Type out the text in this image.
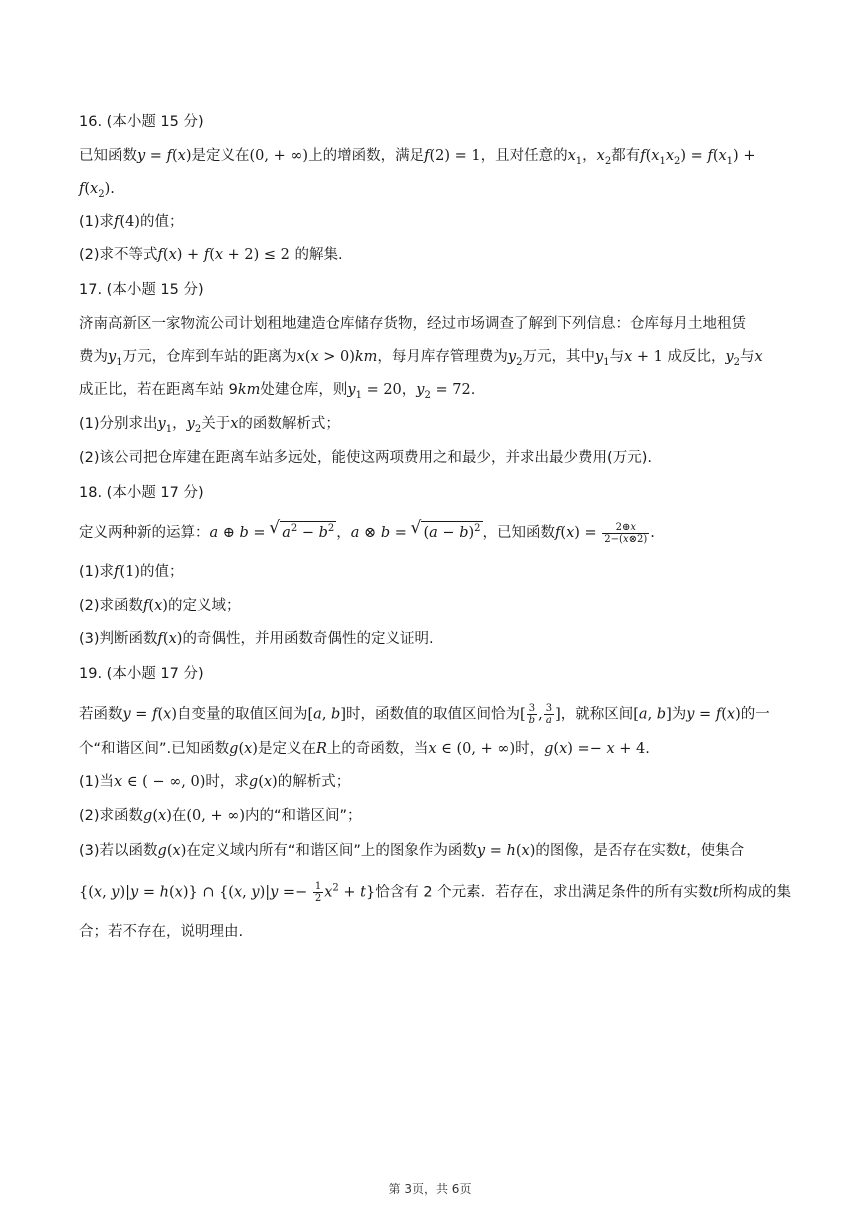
16. (本小题 15 分)
已知函数y = f(x)是定义在(0, + ∞)上的增函数，满足f(2) = 1，且对任意的$x_1$，$x_2$都有$f(x_1x_2) = f(x_1)$ +
$f(x_2)$.
(1)求f(4)的值；
(2)求不等式f(x) + f(x + 2) ≤ 2 的解集.
17. (本小题 15 分)
济南高新区一家物流公司计划租地建造仓库储存货物，经过市场调查了解到下列信息：仓库每月土地租赁
费为$y_1$万元，仓库到车站的距离为x(x > 0)km，每月库存管理费为$y_2$万元，其中$y_1$与x + 1 成反比，$y_2$与x
成正比，若在距离车站 9km处建仓库，则$y_1 = 20$，$y_2 = 72$.
(1)分别求出$y_1$，$y_2$关于x的函数解析式；
(2)该公司把仓库建在距离车站多远处，能使这两项费用之和最少，并求出最少费用(万元).
18. (本小题 17 分)
定义两种新的运算：a ⊕ b = √ $a^2 - b^2$ ，a ⊗ b = √ $(a - b)^2$ ，已知函数$f(x) = \frac{2\oplus x}{2-(x\otimes 2)}$ .
(1)求f(1)的值；
(2)求函数f(x)的定义域；
(3)判断函数f(x)的奇偶性，并用函数奇偶性的定义证明.
19. (本小题 17 分)
若函数y = f(x)自变量的取值区间为[a, b]时，函数值的取值区间恰为[ $\frac{3}{b}$ , $\frac{3}{a}$ ]，就称区间[a, b]为y = f(x)的一
个“和谐区间”.已知函数g(x)是定义在R上的奇函数，当x ∈ (0, + ∞)时，g(x) =− x + 4.
(1)当x ∈ ( − ∞, 0)时，求g(x)的解析式；
(2)求函数g(x)在(0, + ∞)内的“和谐区间”；
(3)若以函数g(x)在定义域内所有“和谐区间”上的图象作为函数y = h(x)的图像，是否存在实数t，使集合
{(x, y)|y = h(x)} ∩ {(x, $y)|y =- \frac{1}{2} x^2 + t$}恰含有 2 个元素．若存在，求出满足条件的所有实数t所构成的集
合；若不存在，说明理由.
第 3页，共 6页
